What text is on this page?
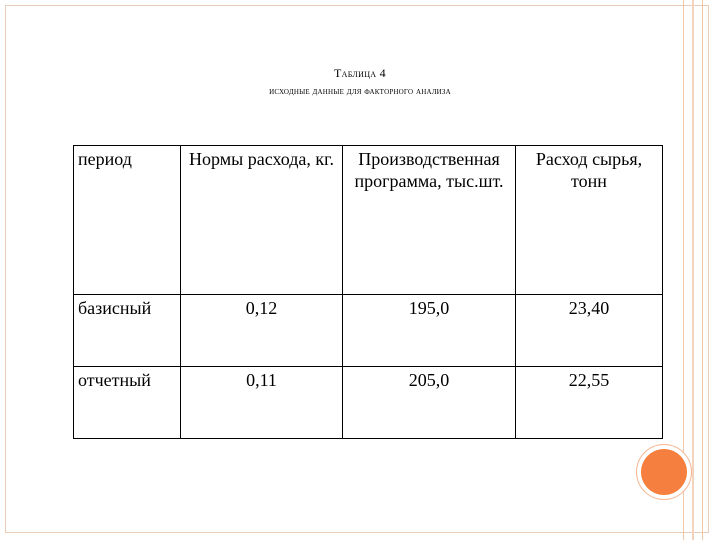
Таблица 4
исходные данные для факторного анализа
период	Нормы расхода, кг.	Производственная программа, тыс.шт.	Расход сырья, тонн
базисный	0,12	195,0	23,40
отчетный	0,11	205,0	22,55
